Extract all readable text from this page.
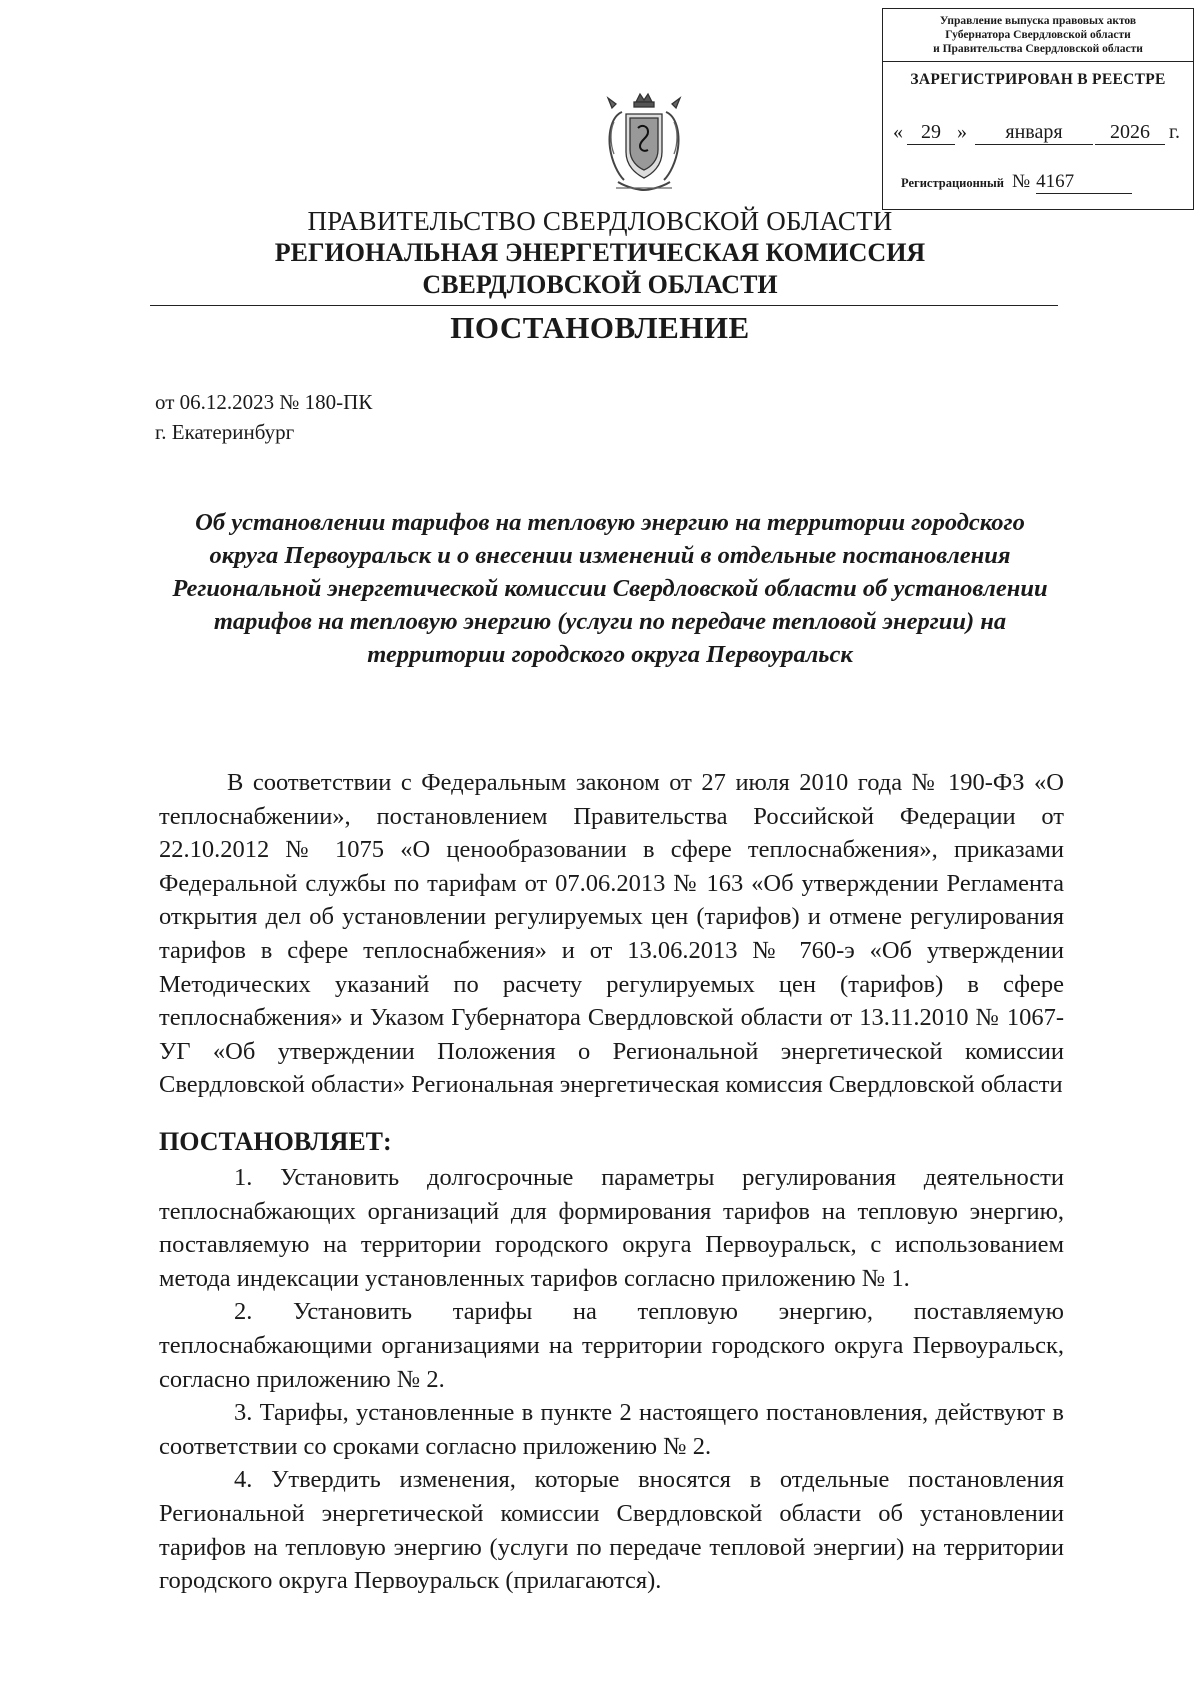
Управление выпуска правовых актов
Губернатора Свердловской области
и Правительства Свердловской области
ЗАРЕГИСТРИРОВАН В РЕЕСТРЕ
« 29 »	января	2026 г.
Регистрационный № 4167
ПРАВИТЕЛЬСТВО СВЕРДЛОВСКОЙ ОБЛАСТИ
РЕГИОНАЛЬНАЯ ЭНЕРГЕТИЧЕСКАЯ КОМИССИЯ
СВЕРДЛОВСКОЙ ОБЛАСТИ
ПОСТАНОВЛЕНИЕ
от 06.12.2023 № 180-ПК
г. Екатеринбург
Об установлении тарифов на тепловую энергию на территории городского округа Первоуральск и о внесении изменений в отдельные постановления Региональной энергетической комиссии Свердловской области об установлении тарифов на тепловую энергию (услуги по передаче тепловой энергии) на территории городского округа Первоуральск
В соответствии с Федеральным законом от 27 июля 2010 года № 190-ФЗ «О теплоснабжении», постановлением Правительства Российской Федерации от 22.10.2012 № 1075 «О ценообразовании в сфере теплоснабжения», приказами Федеральной службы по тарифам от 07.06.2013 № 163 «Об утверждении Регламента открытия дел об установлении регулируемых цен (тарифов) и отмене регулирования тарифов в сфере теплоснабжения» и от 13.06.2013 № 760-э «Об утверждении Методических указаний по расчету регулируемых цен (тарифов) в сфере теплоснабжения» и Указом Губернатора Свердловской области от 13.11.2010 № 1067-УГ «Об утверждении Положения о Региональной энергетической комиссии Свердловской области» Региональная энергетическая комиссия Свердловской области
ПОСТАНОВЛЯЕТ:

1. Установить долгосрочные параметры регулирования деятельности теплоснабжающих организаций для формирования тарифов на тепловую энергию, поставляемую на территории городского округа Первоуральск, с использованием метода индексации установленных тарифов согласно приложению № 1.

2. Установить тарифы на тепловую энергию, поставляемую теплоснабжающими организациями на территории городского округа Первоуральск, согласно приложению № 2.

3. Тарифы, установленные в пункте 2 настоящего постановления, действуют в соответствии со сроками согласно приложению № 2.

4. Утвердить изменения, которые вносятся в отдельные постановления Региональной энергетической комиссии Свердловской области об установлении тарифов на тепловую энергию (услуги по передаче тепловой энергии) на территории городского округа Первоуральск (прилагаются).
